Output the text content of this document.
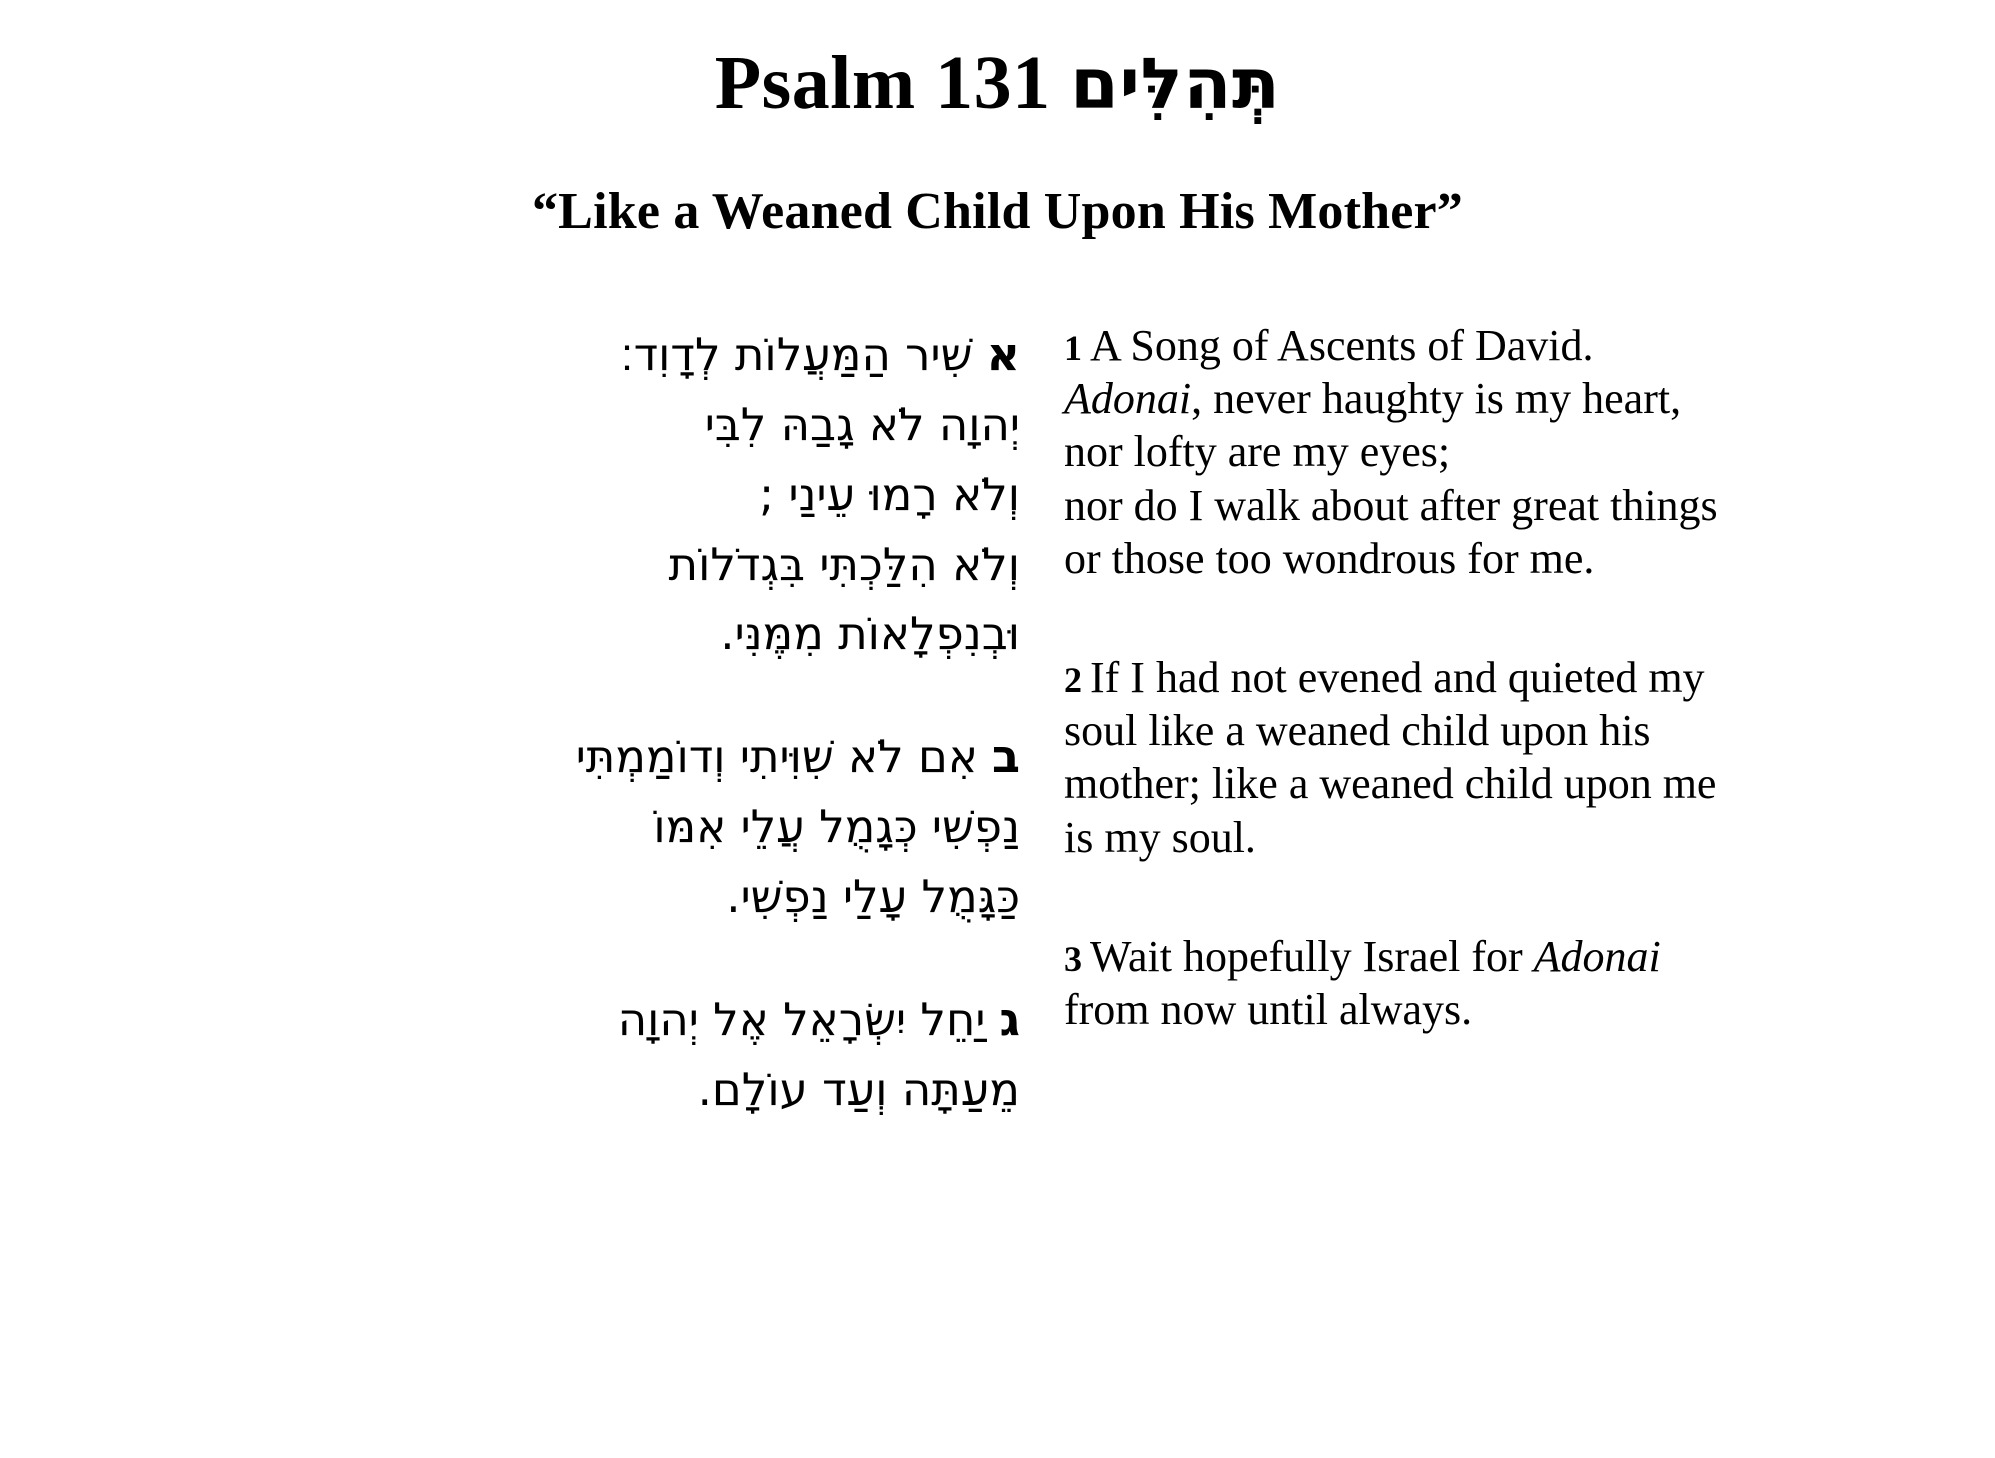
Psalm 131 תְּהִלִּים
“Like a Weaned Child Upon His Mother”
אשִׁיר הַמַּעֲלוֹת לְדָוִד׃
יְהוָה לֹא גָבַהּ לִבִּי
וְלֹא רָמוּ עֵינַי ;
וְלֹא הִלַּכְתִּי בִּגְדֹלוֹת
וּבְנִפְלָאוֹת מִמֶּנִּי.
באִם לֹא שִׁוִּיתִי וְדוֹמַמְתִּי
נַפְשִׁי כְּגָמֻל עֲלֵי אִמּוֹ
כַּגָּמֻל עָלַי נַפְשִׁי.
גיַחֵל יִשְׂרָאֵל אֶל יְהוָה
מֵעַתָּה וְעַד עוֹלָם.
1 A Song of Ascents of David.
Adonai, never haughty is my heart,
nor lofty are my eyes;
nor do I walk about after great things
or those too wondrous for me.
2 If I had not evened and quieted my
soul like a weaned child upon his
mother; like a weaned child upon me
is my soul.
3 Wait hopefully Israel for Adonai
from now until always.
